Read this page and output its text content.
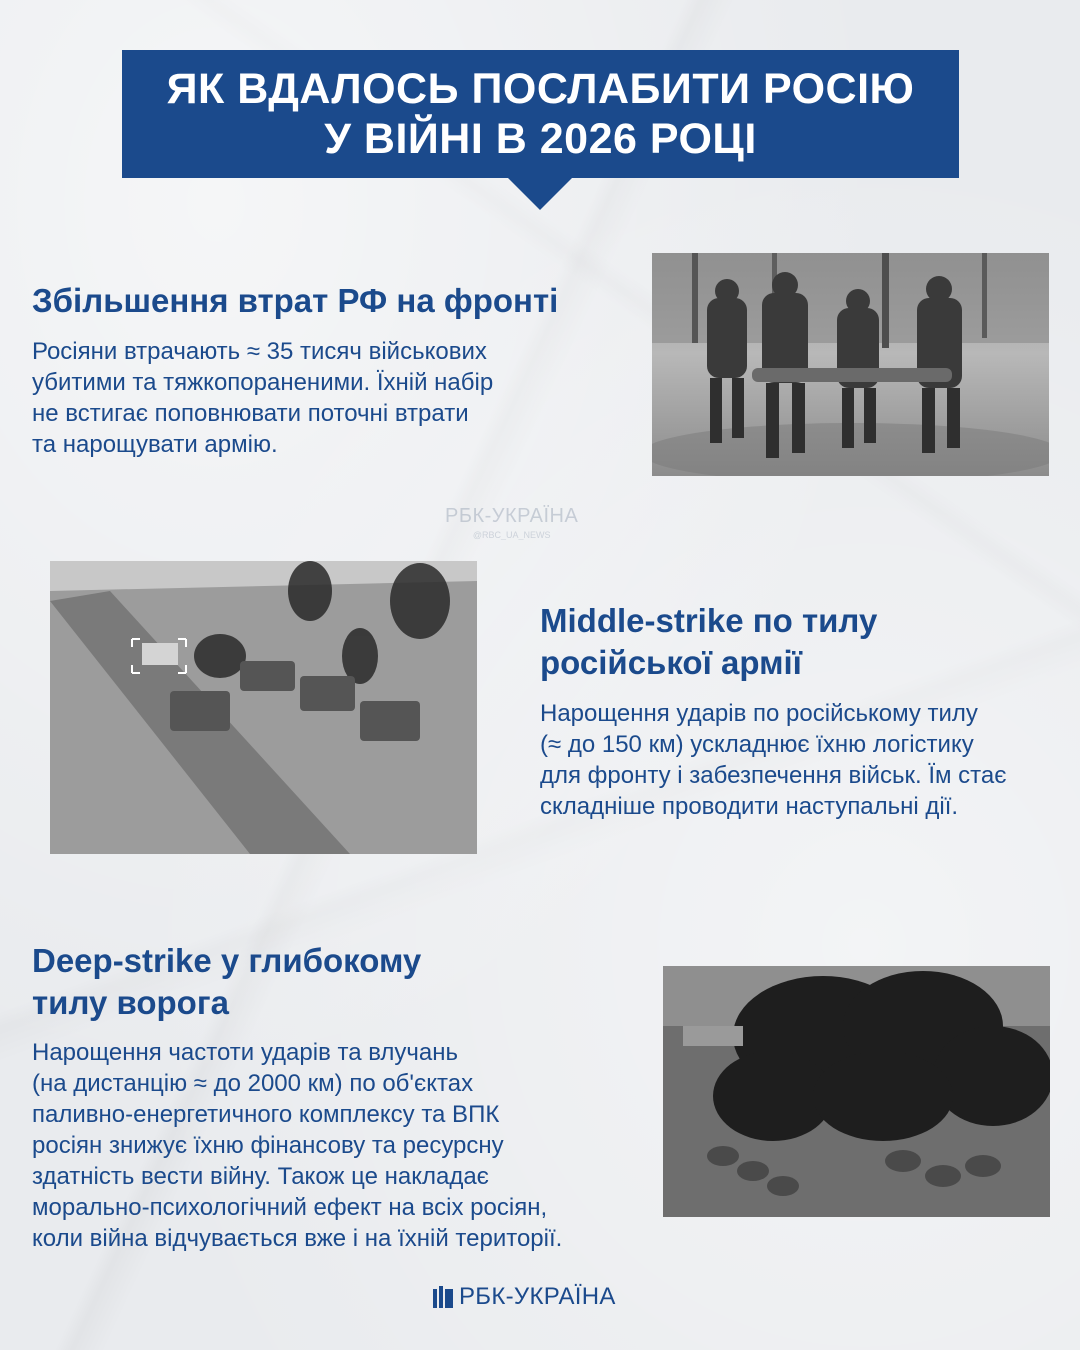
ЯК ВДАЛОСЬ ПОСЛАБИТИ РОСІЮ
У ВІЙНІ В 2026 РОЦІ
Збільшення втрат РФ на фронті

Росіяни втрачають ≈ 35 тисяч військових
убитими та тяжкопораненими. Їхній набір
не встигає поповнювати поточні втрати
та нарощувати армію.

РБК-УКРАЇНА
@RBC_UA_NEWS
Middle-strike по тилу
російської армії

Нарощення ударів по російському тилу
(≈ до 150 км) ускладнює їхню логістику
для фронту і забезпечення військ. Їм стає
складніше проводити наступальні дії.

Deep-strike у глибокому
тилу ворога

Нарощення частоти ударів та влучань
(на дистанцію ≈ до 2000 км) по об'єктах
паливно-енергетичного комплексу та ВПК
росіян знижує їхню фінансову та ресурсну
здатність вести війну. Також це накладає
морально-психологічний ефект на всіх росіян,
коли війна відчувається вже і на їхній території.

РБК-УКРАЇНА
